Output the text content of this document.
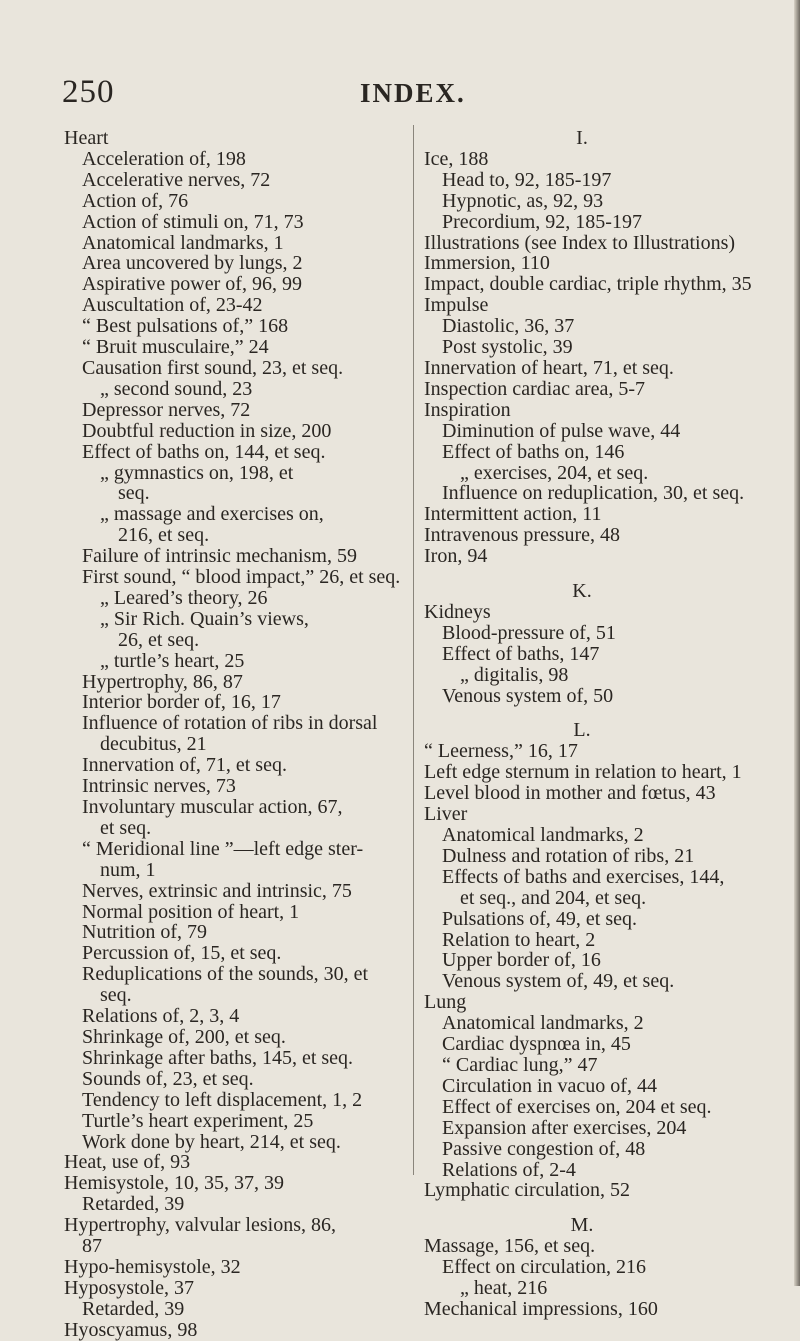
250	INDEX.
Heart
Acceleration of, 198
Accelerative nerves, 72
Action of, 76
Action of stimuli on, 71, 73
Anatomical landmarks, 1
Area uncovered by lungs, 2
Aspirative power of, 96, 99
Auscultation of, 23-42
“ Best pulsations of,” 168
“ Bruit musculaire,” 24
Causation first sound, 23, et seq.
„ second sound, 23
Depressor nerves, 72
Doubtful reduction in size, 200
Effect of baths on, 144, et seq.
„ gymnastics on, 198, et
seq.
„ massage and exercises on,
216, et seq.
Failure of intrinsic mechanism, 59
First sound, “ blood impact,” 26, et seq.
„ Leared’s theory, 26
„ Sir Rich. Quain’s views,
26, et seq.
„ turtle’s heart, 25
Hypertrophy, 86, 87
Interior border of, 16, 17
Influence of rotation of ribs in dorsal
decubitus, 21
Innervation of, 71, et seq.
Intrinsic nerves, 73
Involuntary muscular action, 67,
et seq.
“ Meridional line ”—left edge ster-
num, 1
Nerves, extrinsic and intrinsic, 75
Normal position of heart, 1
Nutrition of, 79
Percussion of, 15, et seq.
Reduplications of the sounds, 30, et
seq.
Relations of, 2, 3, 4
Shrinkage of, 200, et seq.
Shrinkage after baths, 145, et seq.
Sounds of, 23, et seq.
Tendency to left displacement, 1, 2
Turtle’s heart experiment, 25
Work done by heart, 214, et seq.
Heat, use of, 93
Hemisystole, 10, 35, 37, 39
Retarded, 39
Hypertrophy, valvular lesions, 86,
87
Hypo-hemisystole, 32
Hyposystole, 37
Retarded, 39
Hyoscyamus, 98
I.
Ice, 188
Head to, 92, 185-197
Hypnotic, as, 92, 93
Precordium, 92, 185-197
Illustrations (see Index to Illustrations)
Immersion, 110
Impact, double cardiac, triple rhythm, 35
Impulse
Diastolic, 36, 37
Post systolic, 39
Innervation of heart, 71, et seq.
Inspection cardiac area, 5-7
Inspiration
Diminution of pulse wave, 44
Effect of baths on, 146
„ exercises, 204, et seq.
Influence on reduplication, 30, et seq.
Intermittent action, 11
Intravenous pressure, 48
Iron, 94
K.
Kidneys
Blood-pressure of, 51
Effect of baths, 147
„ digitalis, 98
Venous system of, 50
L.
“ Leerness,” 16, 17
Left edge sternum in relation to heart, 1
Level blood in mother and fœtus, 43
Liver
Anatomical landmarks, 2
Dulness and rotation of ribs, 21
Effects of baths and exercises, 144,
et seq., and 204, et seq.
Pulsations of, 49, et seq.
Relation to heart, 2
Upper border of, 16
Venous system of, 49, et seq.
Lung
Anatomical landmarks, 2
Cardiac dyspnœa in, 45
“ Cardiac lung,” 47
Circulation in vacuo of, 44
Effect of exercises on, 204 et seq.
Expansion after exercises, 204
Passive congestion of, 48
Relations of, 2-4
Lymphatic circulation, 52
M.
Massage, 156, et seq.
Effect on circulation, 216
„ heat, 216
Mechanical impressions, 160
